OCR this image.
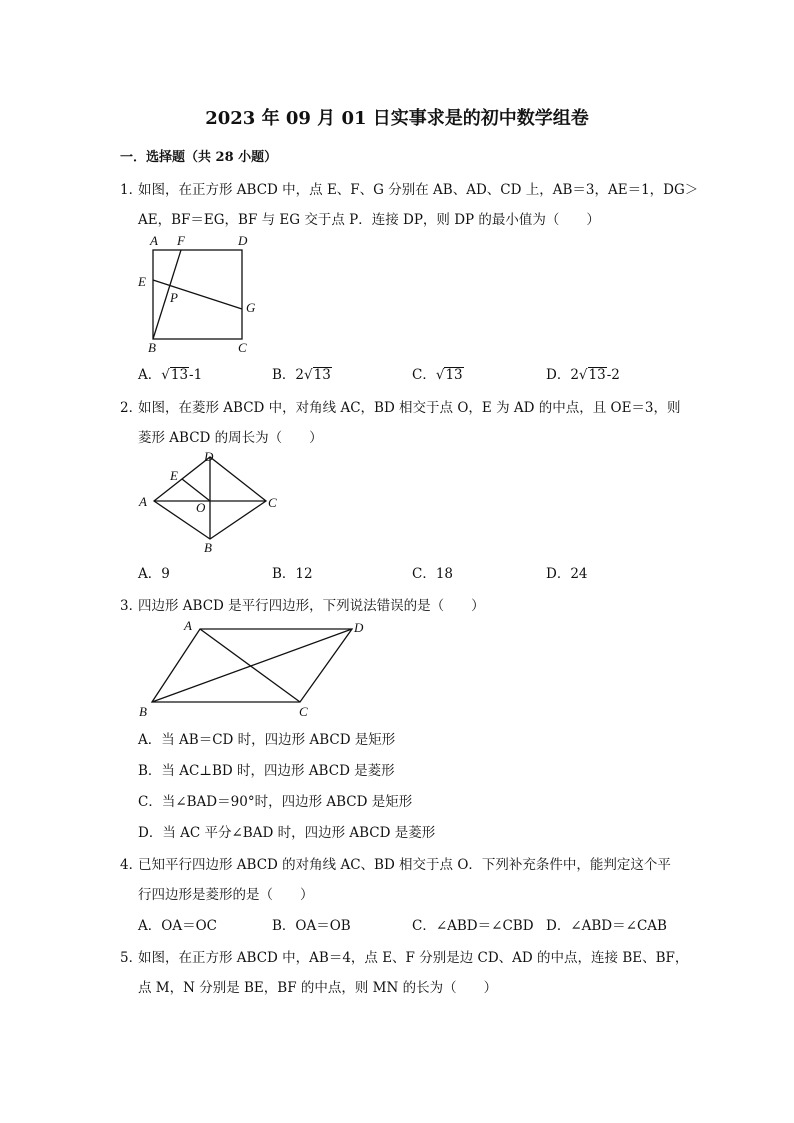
2023 年 09 月 01 日实事求是的初中数学组卷
一．选择题（共 28 小题）
1．
如图，在正方形 ABCD 中，点 E、F、G 分别在 AB、AD、CD 上，AB＝3，AE＝1，DG＞
AE，BF＝EG，BF 与 EG 交于点 P．连接 DP，则 DP 的最小值为（　　）
A F	D
E
P
G
B	C
A．√13-1	B．2√13	C．√13	D．2√13-2
2．
如图，在菱形 ABCD 中，对角线 AC，BD 相交于点 O，E 为 AD 的中点，且 OE＝3，则
菱形 ABCD 的周长为（　　）
A
D
E
O	C
B
A．9	B．12	C．18	D．24
3．
四边形 ABCD 是平行四边形，下列说法错误的是（　　）
A	D
B	C
A．当 AB＝CD 时，四边形 ABCD 是矩形
B．当 AC⊥BD 时，四边形 ABCD 是菱形
C．当∠BAD＝90°时，四边形 ABCD 是矩形
D．当 AC 平分∠BAD 时，四边形 ABCD 是菱形
4．
已知平行四边形 ABCD 的对角线 AC、BD 相交于点 O．下列补充条件中，能判定这个平
行四边形是菱形的是（　　）
A．OA＝OC	B．OA＝OB	C．∠ABD＝∠CBD D．∠ABD＝∠CAB
5．
如图，在正方形 ABCD 中，AB＝4，点 E、F 分别是边 CD、AD 的中点，连接 BE、BF，
点 M，N 分别是 BE，BF 的中点，则 MN 的长为（　　）
